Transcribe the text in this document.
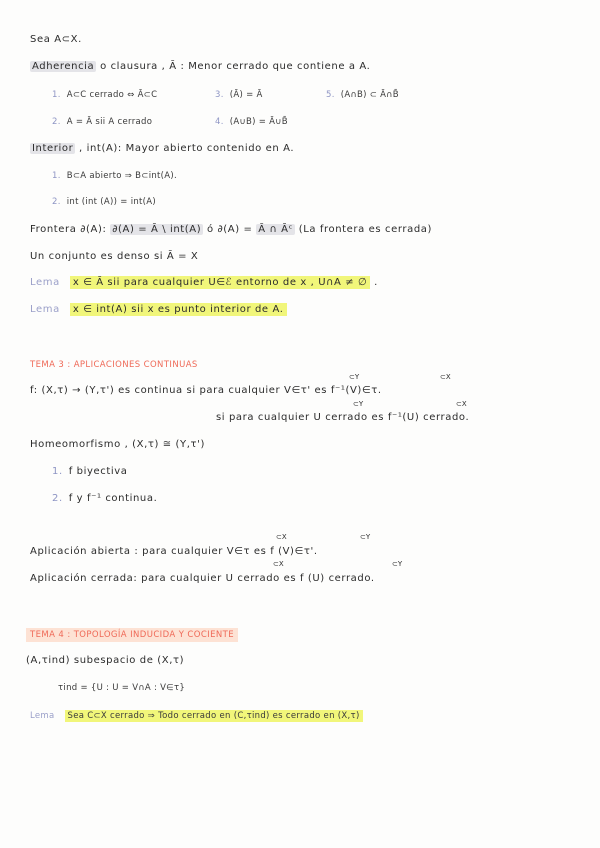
Sea A⊂X.
Adherencia o clausura , Ā : Menor cerrado que contiene a A.
1. A⊂C cerrado ⇔ Ā⊂C	3. (Ā) = Ā	5. (A∩B) ⊂ Ā∩B̄
2. A = Ā sii A cerrado	4. (A∪B) = Ā∪B̄
Interior , int(A): Mayor abierto contenido en A.
1. B⊂A abierto ⇒ B⊂int(A).
2. int (int (A)) = int(A)
Frontera ∂(A): ∂(A) = Ā \ int(A) ó ∂(A) = Ā ∩ Āᶜ (La frontera es cerrada)
Un conjunto es denso si Ā = X
Lema x ∈ Ā sii para cualquier U∈ℰ entorno de x , U∩A ≠ ∅ .
Lema x ∈ int(A) sii x es punto interior de A.
TEMA 3 : APLICACIONES CONTINUAS
f: (X,τ) → (Y,τ') es continua si para cualquier V∈τ' es f⁻¹(V)∈τ.
⊂Y	⊂X
si para cualquier U cerrado es f⁻¹(U) cerrado.
⊂Y	⊂X
Homeomorfismo , (X,τ) ≅ (Y,τ')
1. f biyectiva
2. f y f⁻¹ continua.
Aplicación abierta : para cualquier V∈τ es f (V)∈τ'.
⊂X	⊂Y
Aplicación cerrada: para cualquier U cerrado es f (U) cerrado.
⊂X	⊂Y
TEMA 4 : TOPOLOGÍA INDUCIDA Y COCIENTE
(A,τind) subespacio de (X,τ)
τind = {U : U = V∩A : V∈τ}
Lema Sea C⊂X cerrado ⇒ Todo cerrado en (C,τind) es cerrado en (X,τ)
